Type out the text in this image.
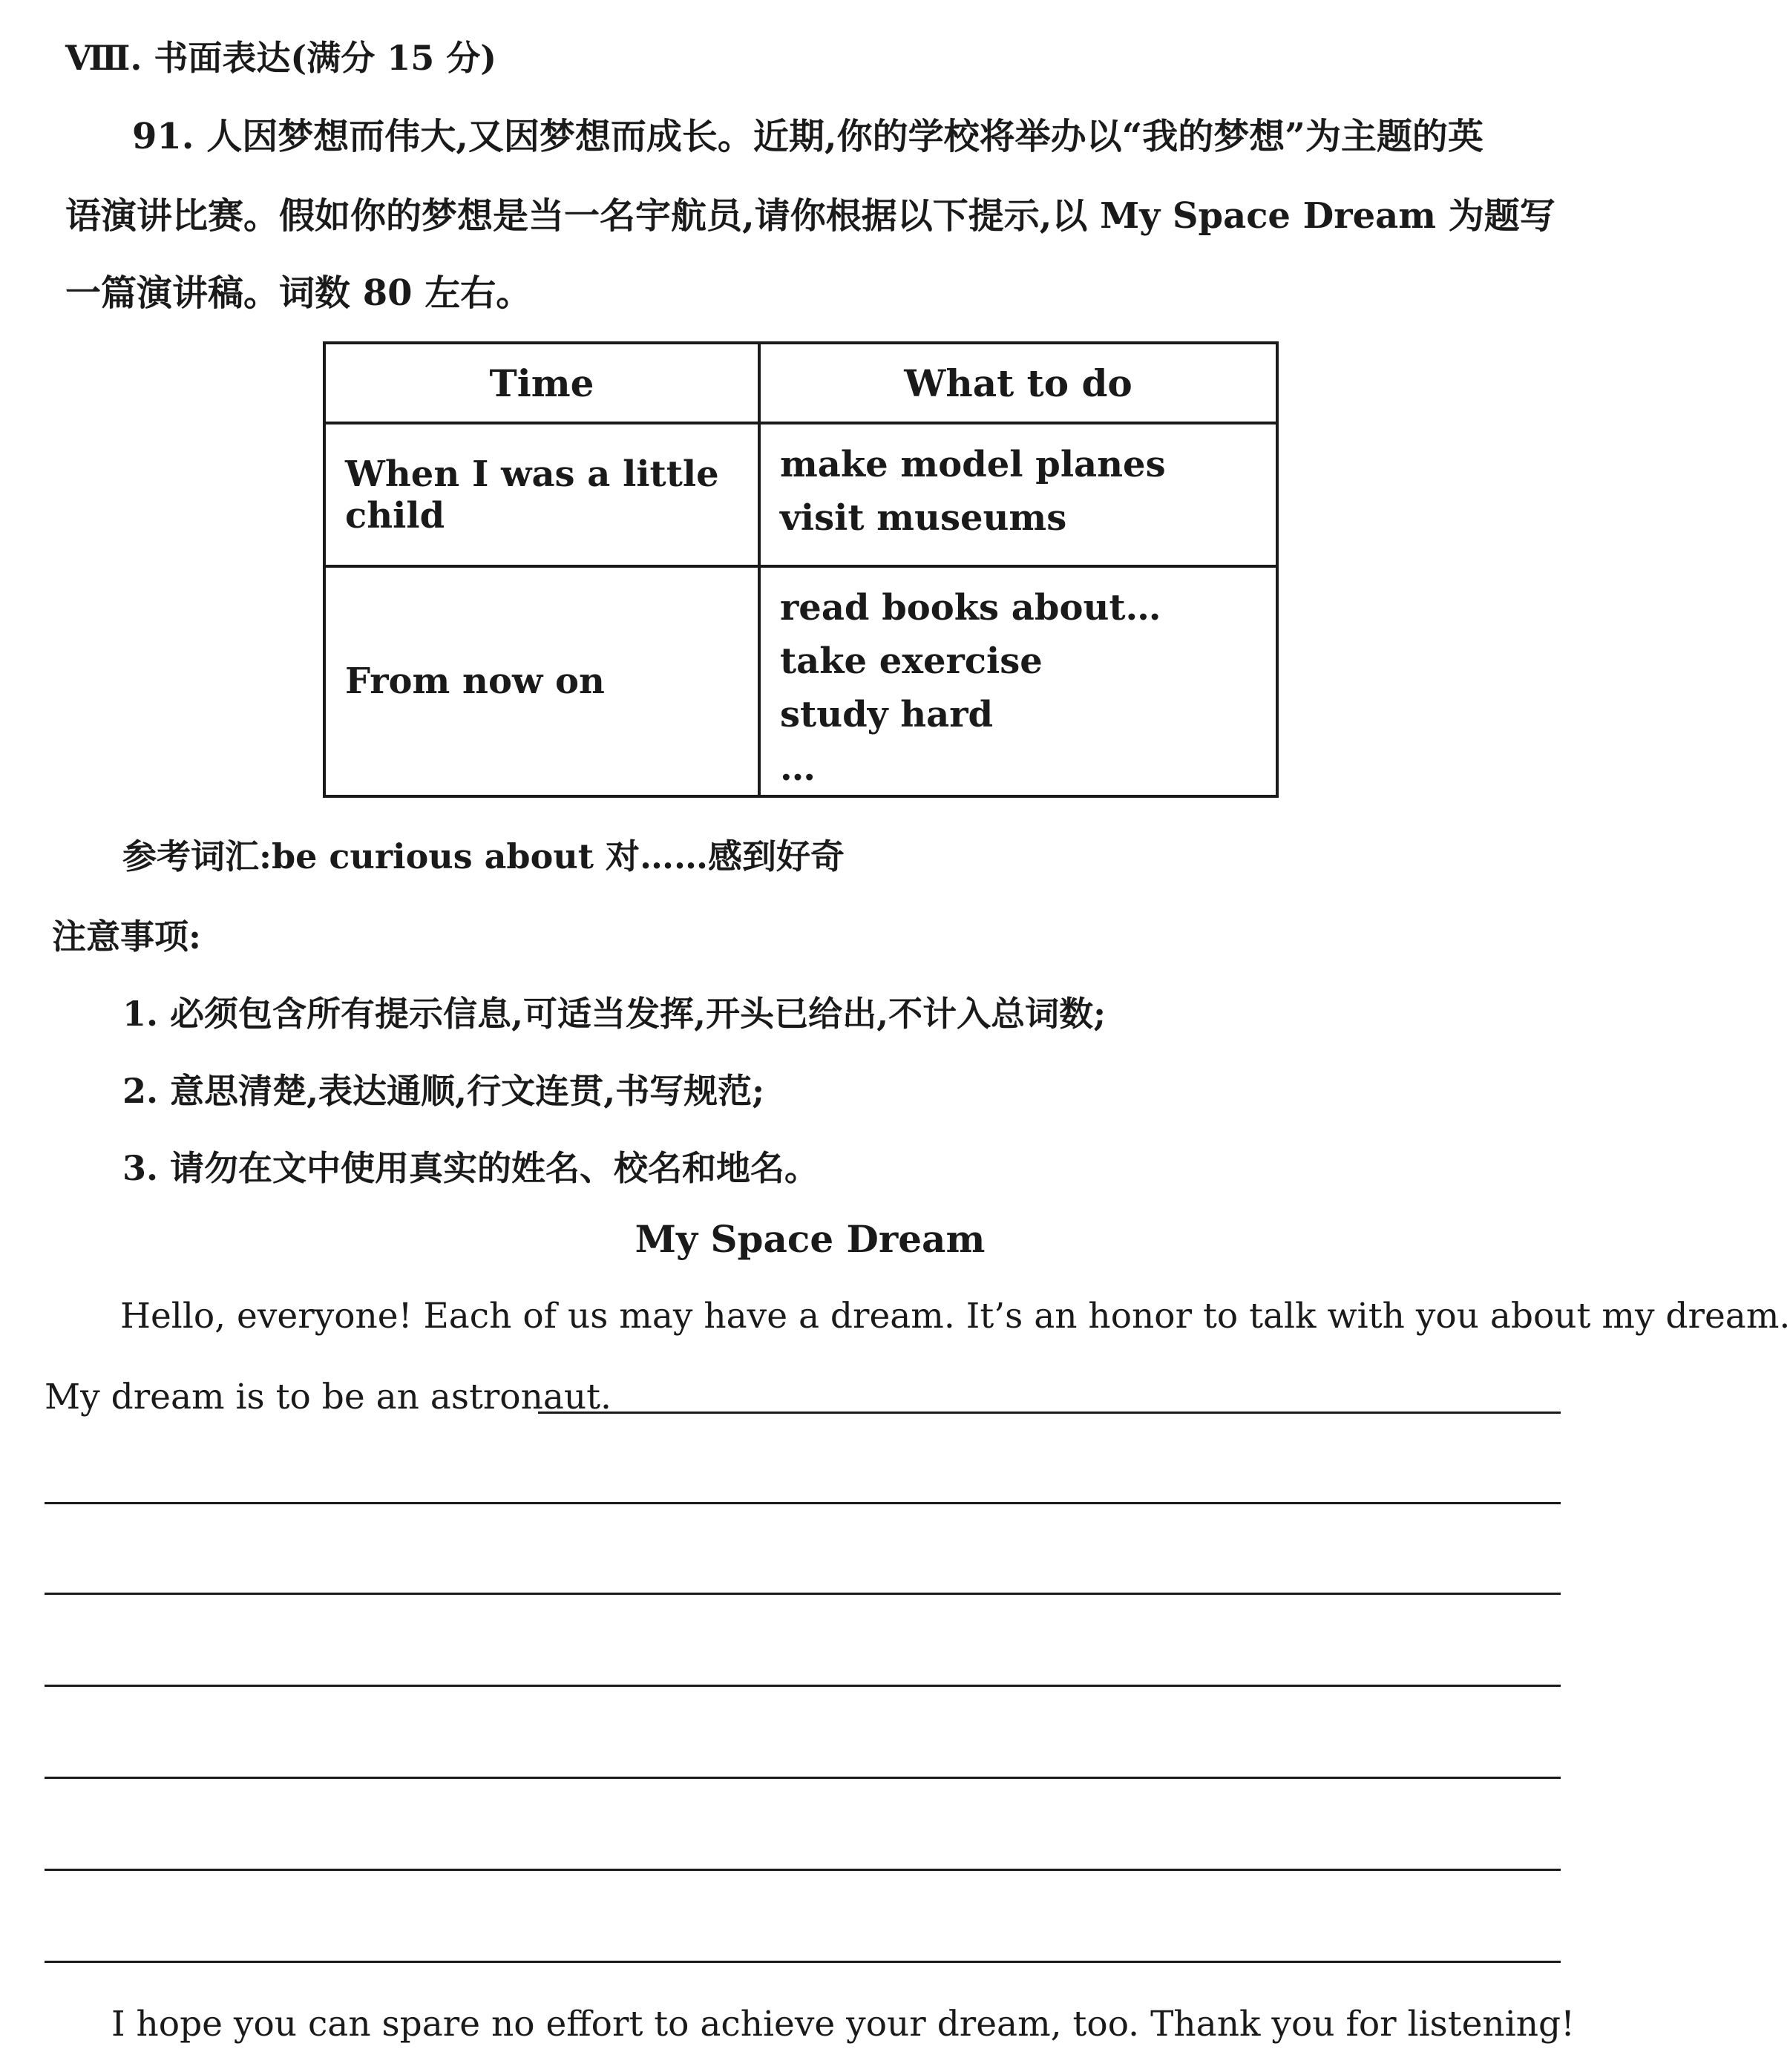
Ⅷ. 书面表达(满分 15 分)
91. 人因梦想而伟大,又因梦想而成长。近期,你的学校将举办以“我的梦想”为主题的英
语演讲比赛。假如你的梦想是当一名宇航员,请你根据以下提示,以 My Space Dream 为题写
一篇演讲稿。词数 80 左右。
Time	What to do
When I was a little child	make model planes
visit museums

From now on	read books about…
take exercise
study hard
…
参考词汇:be curious about 对……感到好奇
注意事项:
1. 必须包含所有提示信息,可适当发挥,开头已给出,不计入总词数;
2. 意思清楚,表达通顺,行文连贯,书写规范;
3. 请勿在文中使用真实的姓名、校名和地名。
My Space Dream
Hello, everyone! Each of us may have a dream. It’s an honor to talk with you about my dream.
My dream is to be an astronaut.
I hope you can spare no effort to achieve your dream, too. Thank you for listening!
